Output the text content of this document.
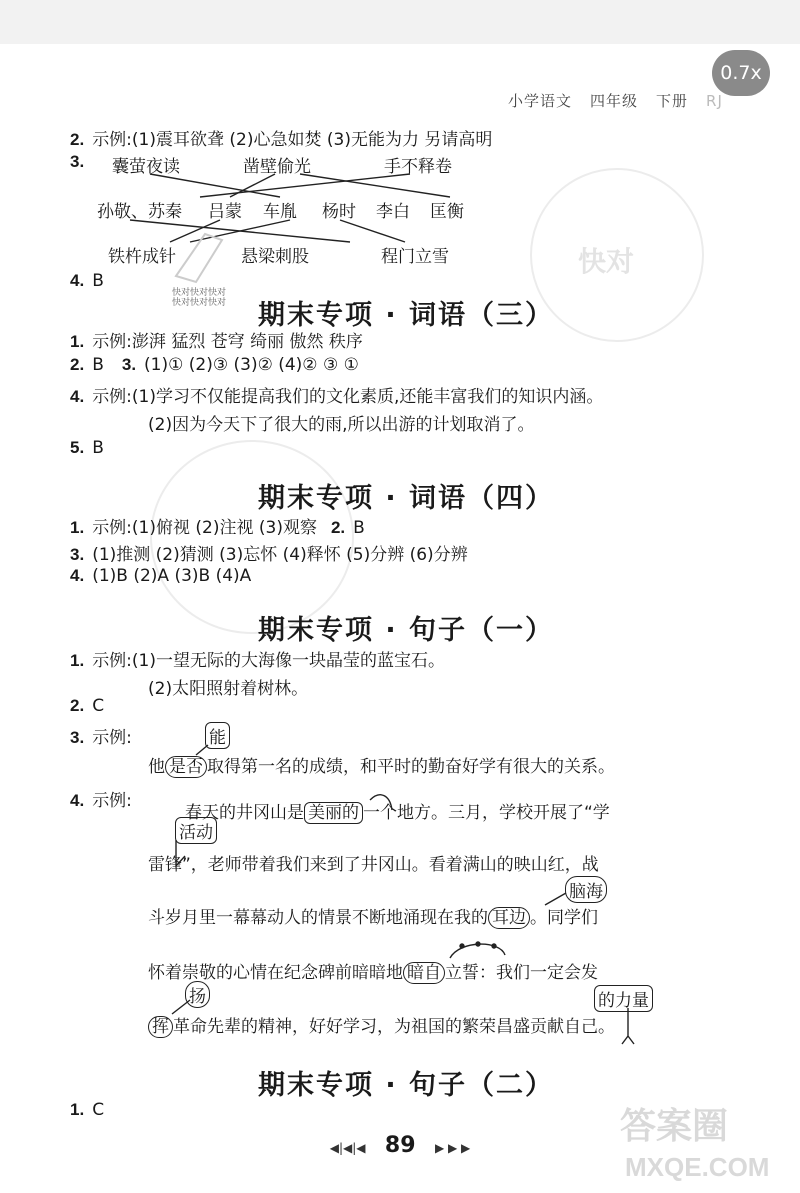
0.7x
小学语文 四年级 下册 RJ
快对
2. 示例:(1)震耳欲聋 (2)心急如焚 (3)无能为力 另请高明
3.	囊萤夜读	凿壁偷光	手不释卷
孙敬、苏秦 吕蒙 车胤 杨时 李白 匡衡
铁杵成针	悬梁刺股	程门立雪
4. B
快对快对快对
快对快对快对 期末专项 · 词语（三）
1. 示例:澎湃 猛烈 苍穹 绮丽 傲然 秩序
2. B 3. (1)① (2)③ (3)② (4)② ③ ①
4. 示例:(1)学习不仅能提高我们的文化素质,还能丰富我们的知识内涵。
(2)因为今天下了很大的雨,所以出游的计划取消了。
5. B
期末专项 · 词语（四）
1. 示例:(1)俯视 (2)注视 (3)观察 2. B
3. (1)推测 (2)猜测 (3)忘怀 (4)释怀 (5)分辨 (6)分辨
4. (1)B (2)A (3)B (4)A
期末专项 · 句子（一）
1. 示例:(1)一望无际的大海像一块晶莹的蓝宝石。
(2)太阳照射着树林。
2. C
3. 示例:	能
他 是否 取得第一名的成绩，和平时的勤奋好学有很大的关系。
4. 示例:
春天的井冈山是 美丽的 一个地方。三月，学校开展了“学
活动
雷锋”，老师带着我们来到了井冈山。看着满山的映山红，战
脑海
斗岁月里一幕幕动人的情景不断地涌现在我的 耳边 。同学们
怀着崇敬的心情在纪念碑前暗暗地 暗自 立誓：我们一定会发
扬	的力量
挥 革命先辈的精神，好好学习，为祖国的繁荣昌盛贡献自己。
期末专项 · 句子（二）
1. C
◀|◀|◀ 89 ▶ ▶ ▶
答案圈
MXQE.COM
